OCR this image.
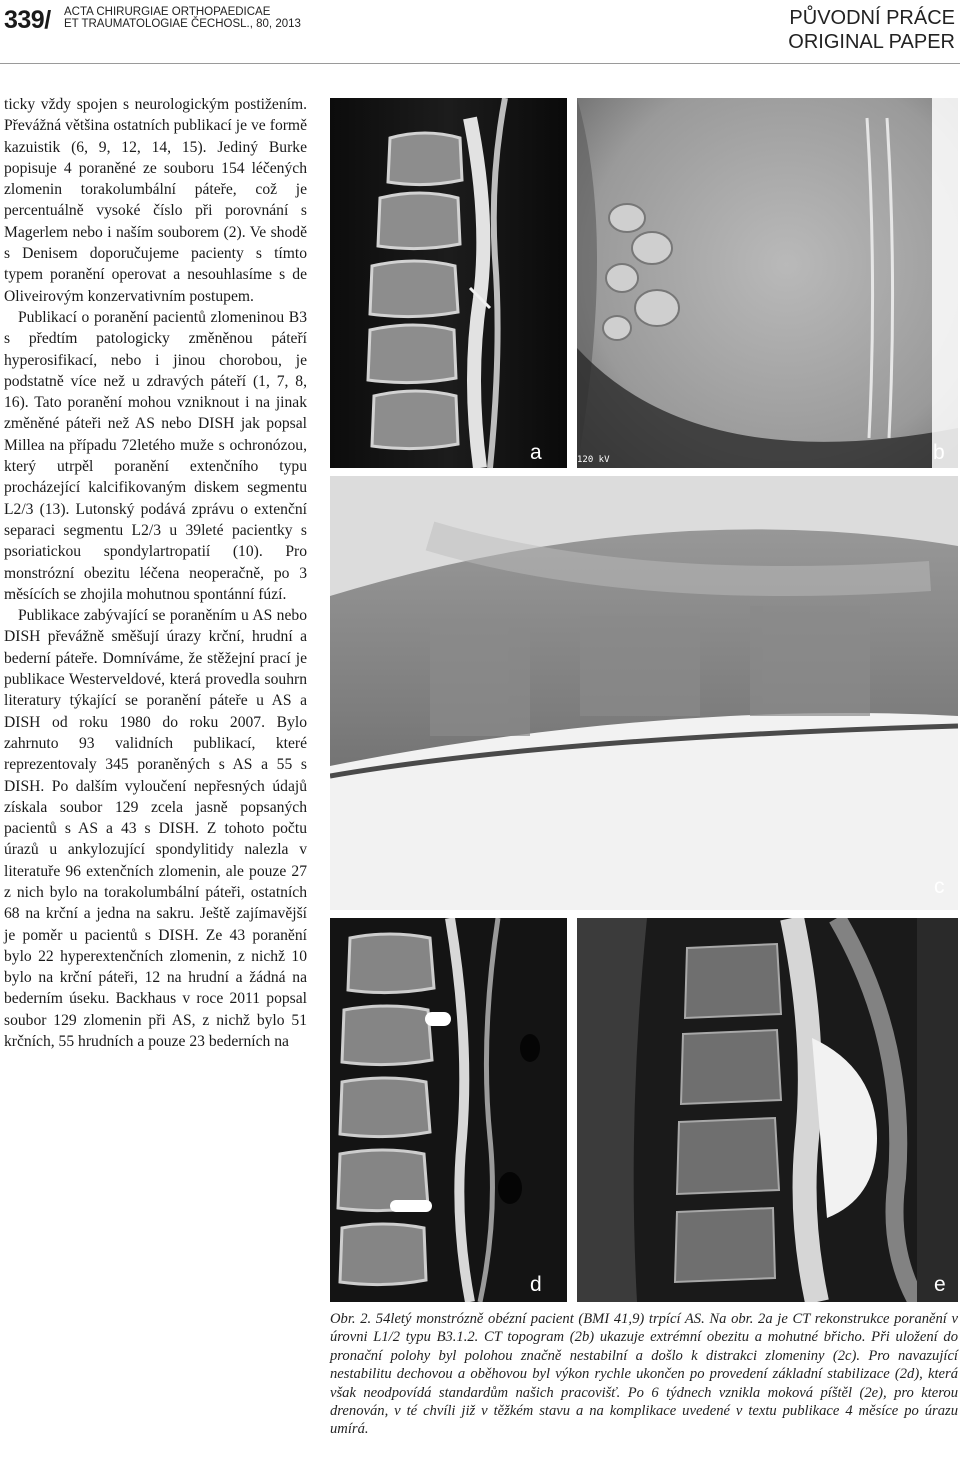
339/ ACTA CHIRURGIAE ORTHOPAEDICAE
ET TRAUMATOLOGIAE ČECHOSL., 80, 2013	PŮVODNÍ PRÁCE
ORIGINAL PAPER

ticky vždy spojen s neurologickým postižením. Převážná většina ostatních publikací je ve formě kazuistik (6, 9, 12, 14, 15). Jediný Burke popisuje 4 poraněné ze souboru 154 léčených zlomenin torakolumbální páteře, což je percentuálně vysoké číslo při porovnání s Magerlem nebo i naším souborem (2). Ve shodě s Denisem doporučujeme pacienty s tímto typem poranění operovat a nesouhlasíme s de Oliveirovým konzervativním postupem.

Publikací o poranění pacientů zlomeninou B3 s předtím patologicky změněnou páteří hyperosifikací, nebo i jinou chorobou, je podstatně více než u zdravých páteří (1, 7, 8, 16). Tato poranění mohou vzniknout i na jinak změněné páteři než AS nebo DISH jak popsal Millea na případu 72letého muže s ochronózou, který utrpěl poranění extenčního typu procházející kalcifikovaným diskem segmentu L2/3 (13). Lutonský podává zprávu o extenční separaci segmentu L2/3 u 39leté pacientky s psoriatickou spondylartropatií (10). Pro monstrózní obezitu léčena neoperačně, po 3 měsících se zhojila mohutnou spontánní fúzí.

Publikace zabývající se poraněním u AS nebo DISH převážně směšují úrazy krční, hrudní a bederní páteře. Domníváme, že stěžejní prací je publikace Westerveldové, která provedla souhrn literatury týkající se poranění páteře u AS a DISH od roku 1980 do roku 2007. Bylo zahrnuto 93 validních publikací, které reprezentovaly 345 poraněných s AS a 55 s DISH. Po dalším vyloučení nepřesných údajů získala soubor 129 zcela jasně popsaných pacientů s AS a 43 s DISH. Z tohoto počtu úrazů u ankylozující spondylitidy nalezla v literatuře 96 extenčních zlomenin, ale pouze 27 z nich bylo na torakolumbální páteři, ostatních 68 na krční a jedna na sakru. Ještě zajímavější je poměr u pacientů s DISH. Ze 43 poranění bylo 22 hyperextenčních zlomenin, z nichž 10 bylo na krční páteři, 12 na hrudní a žádná na bederním úseku. Backhaus v roce 2011 popsal soubor 129 zlomenin při AS, z nichž bylo 51 krčních, 55 hrudních a pouze 23 bederních na

a	120 kV	b
c
d	e
Obr. 2. 54letý monstrózně obézní pacient (BMI 41,9) trpící AS. Na obr. 2a je CT rekonstrukce poranění v úrovni L1/2 typu B3.1.2. CT topogram (2b) ukazuje extrémní obezitu a mohutné břicho. Při uložení do pronační polohy byl polohou značně nestabilní a došlo k distrakci zlomeniny (2c). Pro navazující nestabilitu dechovou a oběhovou byl výkon rychle ukončen po provedení základní stabilizace (2d), která však neodpovídá standardům našich pracovišť. Po 6 týdnech vznikla moková píštěl (2e), pro kterou drenován, v té chvíli již v těžkém stavu a na komplikace uvedené v textu publikace 4 měsíce po úrazu umírá.
